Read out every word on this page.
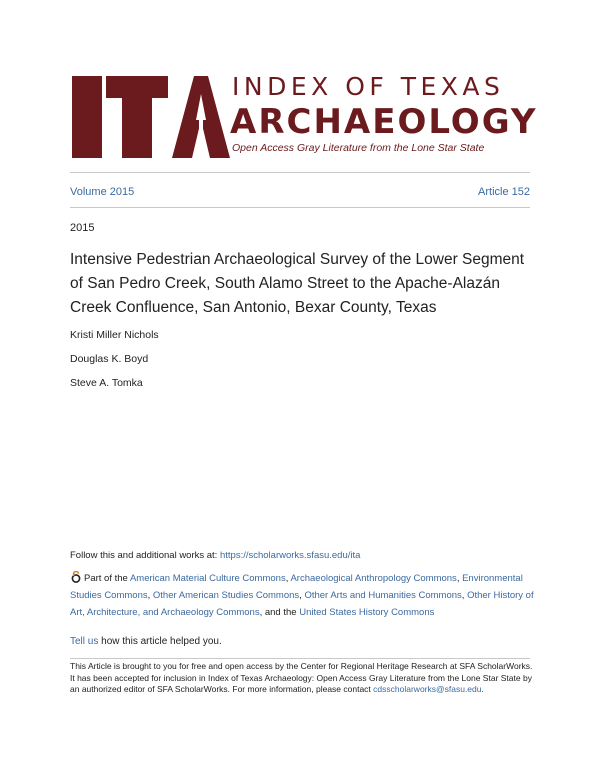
INDEX OF TEXAS
ARCHAEOLOGY
Open Access Gray Literature from the Lone Star State
Volume 2015	Article 152
2015
Intensive Pedestrian Archaeological Survey of the Lower Segment of San Pedro Creek, South Alamo Street to the Apache-Alazán Creek Confluence, San Antonio, Bexar County, Texas
Kristi Miller Nichols
Douglas K. Boyd
Steve A. Tomka
Follow this and additional works at: https://scholarworks.sfasu.edu/ita
Part of the American Material Culture Commons, Archaeological Anthropology Commons, Environmental Studies Commons, Other American Studies Commons, Other Arts and Humanities Commons, Other History of Art, Architecture, and Archaeology Commons, and the United States History Commons
Tell us how this article helped you.
This Article is brought to you for free and open access by the Center for Regional Heritage Research at SFA ScholarWorks. It has been accepted for inclusion in Index of Texas Archaeology: Open Access Gray Literature from the Lone Star State by an authorized editor of SFA ScholarWorks. For more information, please contact cdsscholarworks@sfasu.edu.
